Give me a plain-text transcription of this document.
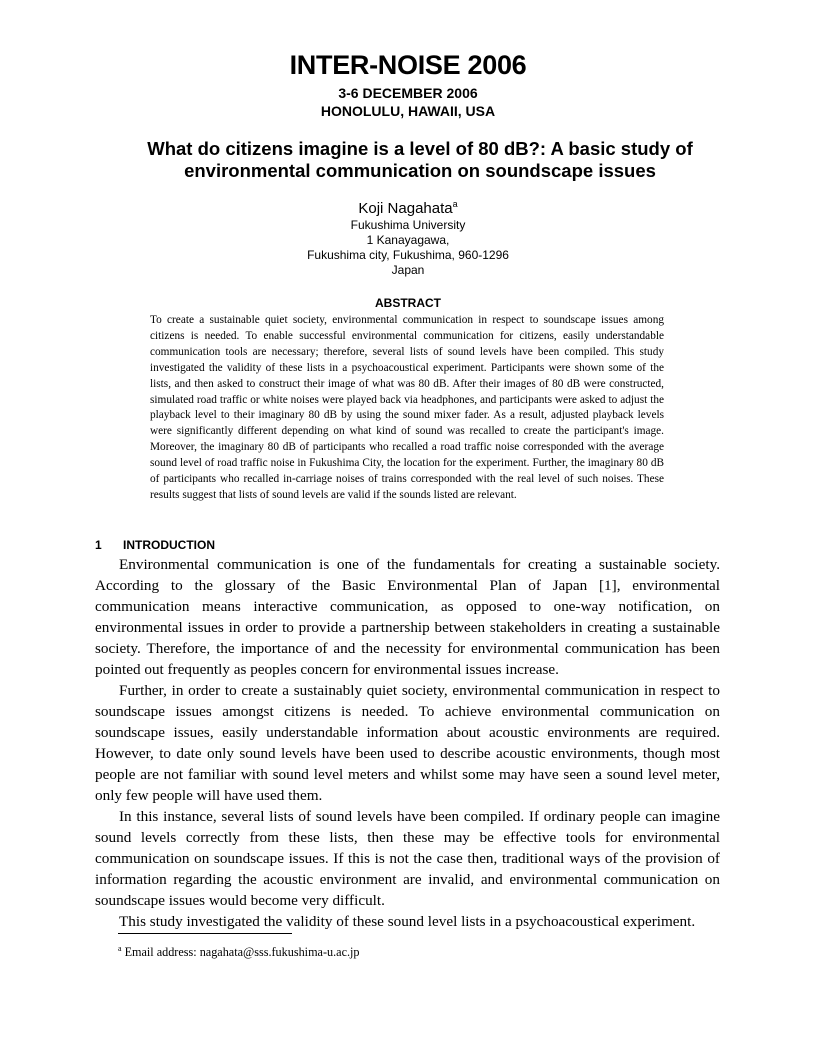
INTER-NOISE 2006
3-6 DECEMBER 2006
HONOLULU, HAWAII, USA
What do citizens imagine is a level of 80 dB?: A basic study of
environmental communication on soundscape issues
Koji Nagahata$^a$
Fukushima University
1 Kanayagawa,
Fukushima city, Fukushima, 960-1296
Japan
ABSTRACT

To create a sustainable quiet society, environmental communication in respect to soundscape issues among citizens is needed. To enable successful environmental communication for citizens, easily understandable communication tools are necessary; therefore, several lists of sound levels have been compiled. This study investigated the validity of these lists in a psychoacoustical experiment. Participants were shown some of the lists, and then asked to construct their image of what was 80 dB. After their images of 80 dB were constructed, simulated road traffic or white noises were played back via headphones, and participants were asked to adjust the playback level to their imaginary 80 dB by using the sound mixer fader. As a result, adjusted playback levels were significantly different depending on what kind of sound was recalled to create the participant's image. Moreover, the imaginary 80 dB of participants who recalled a road traffic noise corresponded with the average sound level of road traffic noise in Fukushima City, the location for the experiment. Further, the imaginary 80 dB of participants who recalled in-carriage noises of trains corresponded with the real level of such noises. These results suggest that lists of sound levels are valid if the sounds listed are relevant.

1 INTRODUCTION

Environmental communication is one of the fundamentals for creating a sustainable society. According to the glossary of the Basic Environmental Plan of Japan [1], environmental communication means interactive communication, as opposed to one-way notification, on environmental issues in order to provide a partnership between stakeholders in creating a sustainable society. Therefore, the importance of and the necessity for environmental communication has been pointed out frequently as peoples concern for environmental issues increase.

Further, in order to create a sustainably quiet society, environmental communication in respect to soundscape issues amongst citizens is needed. To achieve environmental communication on soundscape issues, easily understandable information about acoustic environments are required. However, to date only sound levels have been used to describe acoustic environments, though most people are not familiar with sound level meters and whilst some may have seen a sound level meter, only few people will have used them.

In this instance, several lists of sound levels have been compiled. If ordinary people can imagine sound levels correctly from these lists, then these may be effective tools for environmental communication on soundscape issues. If this is not the case then, traditional ways of the provision of information regarding the acoustic environment are invalid, and environmental communication on soundscape issues would become very difficult.

This study investigated the validity of these sound level lists in a psychoacoustical experiment.

$^a$ Email address: nagahata@sss.fukushima-u.ac.jp
